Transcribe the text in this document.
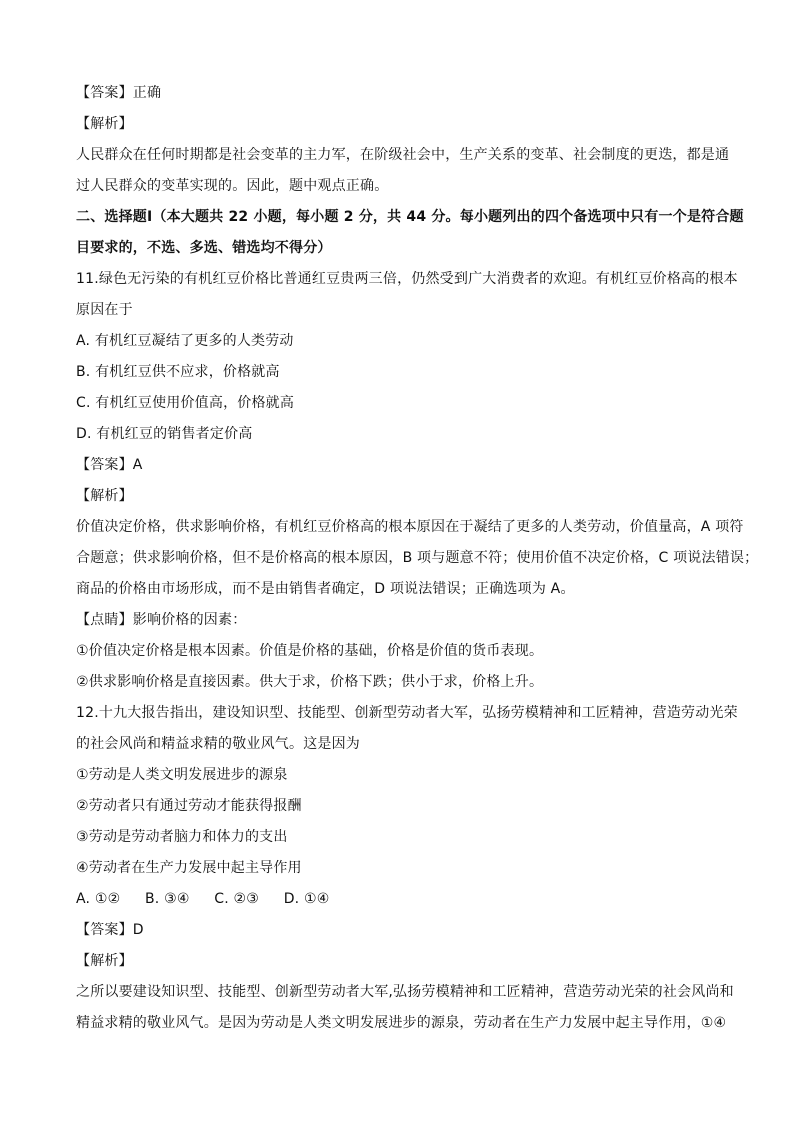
【答案】正确
【解析】
人民群众在任何时期都是社会变革的主力军，在阶级社会中，生产关系的变革、社会制度的更迭，都是通
过人民群众的变革实现的。因此，题中观点正确。
二、选择题Ⅰ（本大题共 22 小题，每小题 2 分，共 44 分。每小题列出的四个备选项中只有一个是符合题
目要求的，不选、多选、错选均不得分）
11.绿色无污染的有机红豆价格比普通红豆贵两三倍，仍然受到广大消费者的欢迎。有机红豆价格高的根本
原因在于
A. 有机红豆凝结了更多的人类劳动
B. 有机红豆供不应求，价格就高
C. 有机红豆使用价值高，价格就高
D. 有机红豆的销售者定价高
【答案】A
【解析】
价值决定价格，供求影响价格，有机红豆价格高的根本原因在于凝结了更多的人类劳动，价值量高，A 项符
合题意；供求影响价格，但不是价格高的根本原因，B 项与题意不符；使用价值不决定价格，C 项说法错误；
商品的价格由市场形成，而不是由销售者确定，D 项说法错误；正确选项为 A。
【点睛】影响价格的因素：
①价值决定价格是根本因素。价值是价格的基础，价格是价值的货币表现。
②供求影响价格是直接因素。供大于求，价格下跌；供小于求，价格上升。
12.十九大报告指出，建设知识型、技能型、创新型劳动者大军，弘扬劳模精神和工匠精神，营造劳动光荣
的社会风尚和精益求精的敬业风气。这是因为
①劳动是人类文明发展进步的源泉
②劳动者只有通过劳动才能获得报酬
③劳动是劳动者脑力和体力的支出
④劳动者在生产力发展中起主导作用
A. ①② B. ③④ C. ②③ D. ①④
【答案】D
【解析】
之所以要建设知识型、技能型、创新型劳动者大军,弘扬劳模精神和工匠精神，营造劳动光荣的社会风尚和
精益求精的敬业风气。是因为劳动是人类文明发展进步的源泉，劳动者在生产力发展中起主导作用，①④
